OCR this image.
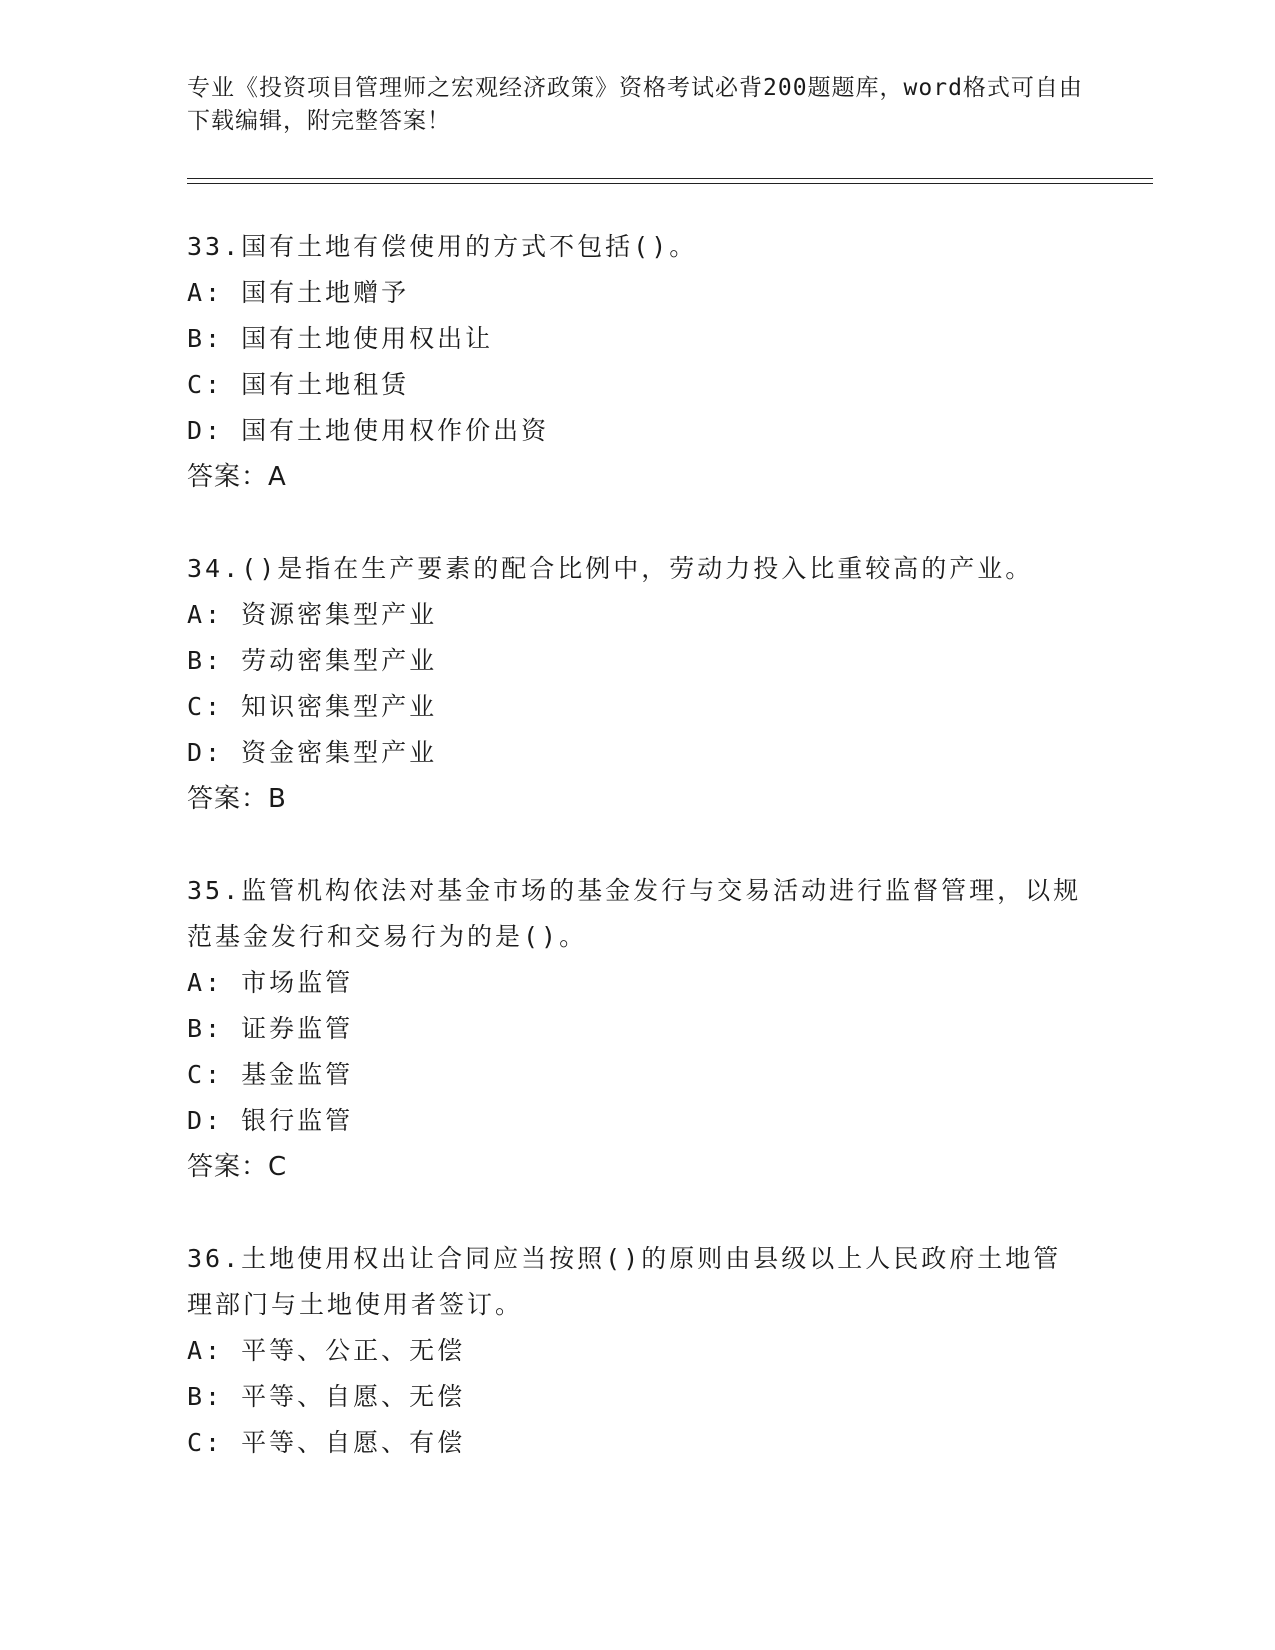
专业《投资项目管理师之宏观经济政策》资格考试必背200题题库，word格式可自由下载编辑，附完整答案！
33.国有土地有偿使用的方式不包括()。
A: 国有土地赠予
B: 国有土地使用权出让
C: 国有土地租赁
D: 国有土地使用权作价出资
答案：A
34.()是指在生产要素的配合比例中，劳动力投入比重较高的产业。
A: 资源密集型产业
B: 劳动密集型产业
C: 知识密集型产业
D: 资金密集型产业
答案：B
35.监管机构依法对基金市场的基金发行与交易活动进行监督管理，以规范基金发行和交易行为的是()。
A: 市场监管
B: 证券监管
C: 基金监管
D: 银行监管
答案：C
36.土地使用权出让合同应当按照()的原则由县级以上人民政府土地管理部门与土地使用者签订。
A: 平等、公正、无偿
B: 平等、自愿、无偿
C: 平等、自愿、有偿
